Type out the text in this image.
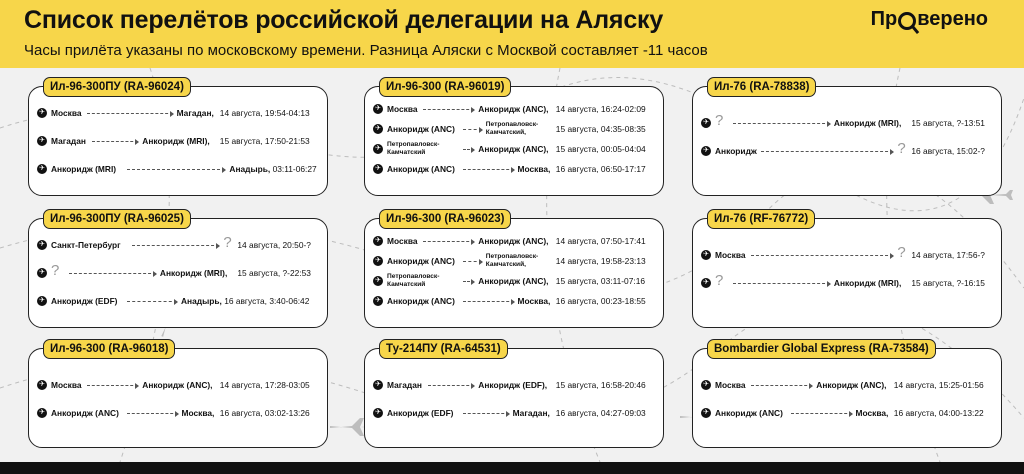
Список перелётов российской делегации на Аляску
Часы прилёта указаны по московскому времени. Разница Аляски с Москвой составляет -11 часов
Пр верено
Ил-96-300ПУ (RA-96024)
✈ Москва	Магадан, 14 августа, 19:54-04:13
✈ Магадан	Анкоридж (MRI), 15 августа, 17:50-21:53
✈ Анкоридж (MRI)	Анадырь, 03:11-06:27
Ил-96-300 (RA-96019)
✈ Москва	Анкоридж (ANC), 14 августа, 16:24-02:09
✈ Анкоридж (ANC)	Петропавловск-Камчатский,	15 августа, 04:35-08:35
✈
Петропавловск-Камчатский	Анкоридж (ANC), 15 августа, 00:05-04:04
✈ Анкоридж (ANC)	Москва, 16 августа, 06:50-17:17
Ил-76 (RA-78838)
✈ ?	Анкоридж (MRI), 15 августа, ?-13:51
✈ Анкоридж	? 16 августа, 15:02-?
Ил-96-300ПУ (RA-96025)
✈ Санкт-Петербург	? 14 августа, 20:50-?
✈ ?	Анкоридж (MRI), 15 августа, ?-22:53
✈ Анкоридж (EDF)	Анадырь, 16 августа, 3:40-06:42
Ил-96-300 (RA-96023)
✈ Москва	Анкоридж (ANC), 14 августа, 07:50-17:41
✈ Анкоридж (ANC)	Петропавловск-Камчатский,	14 августа, 19:58-23:13
✈
Петропавловск-Камчатский	Анкоридж (ANC), 15 августа, 03:11-07:16
✈ Анкоридж (ANC)	Москва, 16 августа, 00:23-18:55
Ил-76 (RF-76772)
✈ Москва	? 14 августа, 17:56-?
✈ ?	Анкоридж (MRI), 15 августа, ?-16:15
Ил-96-300 (RA-96018)
✈ Москва	Анкоридж (ANC), 14 августа, 17:28-03:05
✈ Анкоридж (ANC)	Москва, 16 августа, 03:02-13:26
Ту-214ПУ (RA-64531)
✈ Магадан	Анкоридж (EDF), 15 августа, 16:58-20:46
✈ Анкоридж (EDF)	Магадан, 16 августа, 04:27-09:03
Bombardier Global Express (RA-73584)
✈ Москва	Анкоридж (ANC), 14 августа, 15:25-01:56
✈ Анкоридж (ANC)	Москва, 16 августа, 04:00-13:22
